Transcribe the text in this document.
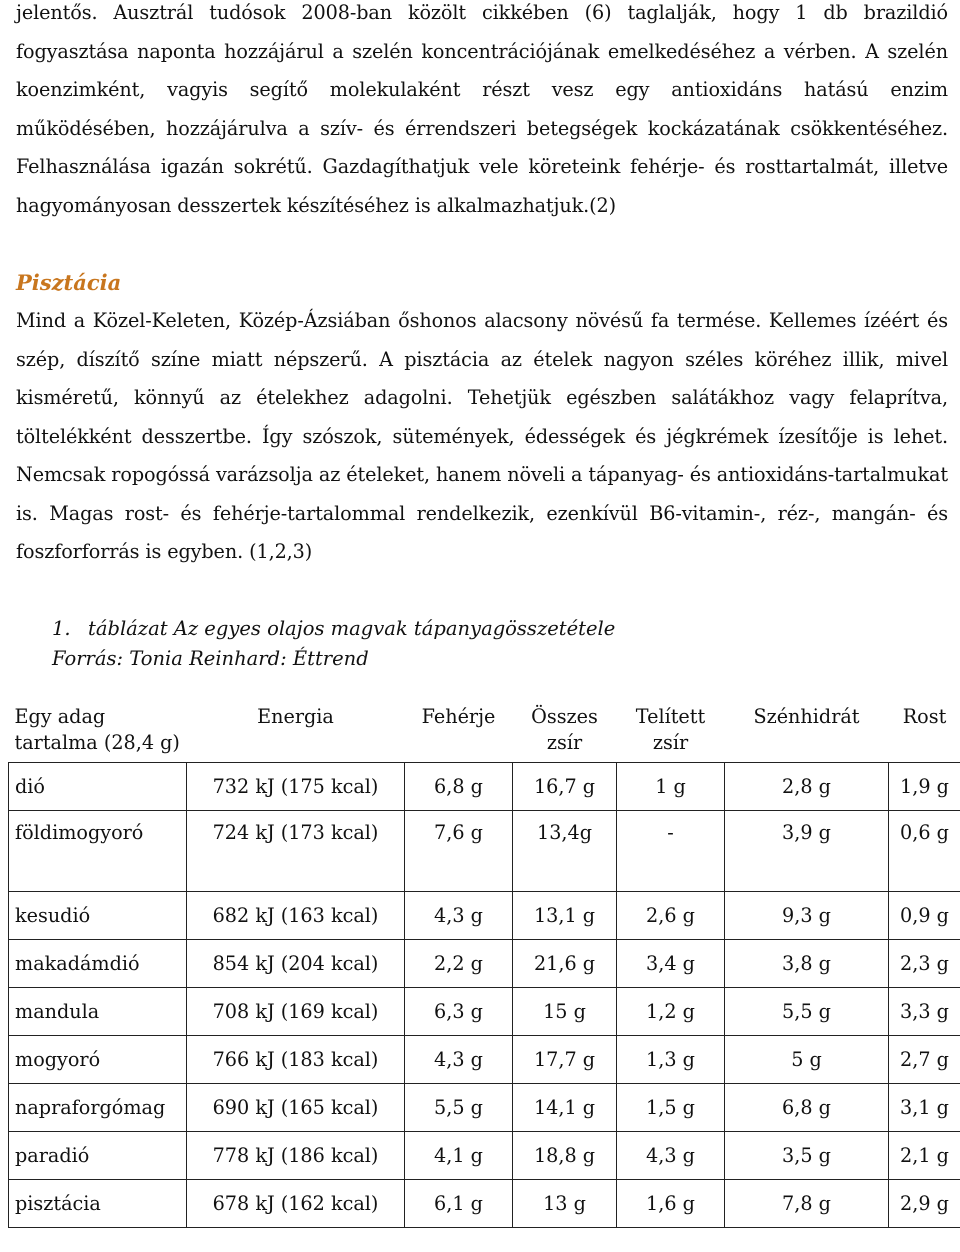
jelentős. Ausztrál tudósok 2008-ban közölt cikkében (6) taglalják, hogy 1 db brazildió fogyasztása naponta hozzájárul a szelén koncentrációjának emelkedéséhez a vérben. A szelén koenzimként, vagyis segítő molekulaként részt vesz egy antioxidáns hatású enzim működésében, hozzájárulva a szív- és érrendszeri betegségek kockázatának csökkentéséhez. Felhasználása igazán sokrétű. Gazdagíthatjuk vele köreteink fehérje- és rosttartalmát, illetve hagyományosan desszertek készítéséhez is alkalmazhatjuk.(2)

Pisztácia

Mind a Közel-Keleten, Közép-Ázsiában őshonos alacsony növésű fa termése. Kellemes ízéért és szép, díszítő színe miatt népszerű. A pisztácia az ételek nagyon széles köréhez illik, mivel kisméretű, könnyű az ételekhez adagolni. Tehetjük egészben salátákhoz vagy felaprítva, töltelékként desszertbe. Így szószok, sütemények, édességek és jégkrémek ízesítője is lehet. Nemcsak ropogóssá varázsolja az ételeket, hanem növeli a tápanyag- és antioxidáns-tartalmukat is. Magas rost- és fehérje-tartalommal rendelkezik, ezenkívül B6-vitamin-, réz-, mangán- és foszforforrás is egyben. (1,2,3)

1. táblázat Az egyes olajos magvak tápanyagösszetétele
Forrás: Tonia Reinhard: Éttrend
Egy adag tartalma (28,4 g)	Energia	Fehérje	Összes zsír	Telített zsír	Szénhidrát	Rost
dió	732 kJ (175 kcal)	6,8 g	16,7 g	1 g	2,8 g	1,9 g
földimogyoró	724 kJ (173 kcal)	7,6 g	13,4g	-	3,9 g	0,6 g
kesudió	682 kJ (163 kcal)	4,3 g	13,1 g	2,6 g	9,3 g	0,9 g
makadámdió	854 kJ (204 kcal)	2,2 g	21,6 g	3,4 g	3,8 g	2,3 g
mandula	708 kJ (169 kcal)	6,3 g	15 g	1,2 g	5,5 g	3,3 g
mogyoró	766 kJ (183 kcal)	4,3 g	17,7 g	1,3 g	5 g	2,7 g
napraforgómag	690 kJ (165 kcal)	5,5 g	14,1 g	1,5 g	6,8 g	3,1 g
paradió	778 kJ (186 kcal)	4,1 g	18,8 g	4,3 g	3,5 g	2,1 g
pisztácia	678 kJ (162 kcal)	6,1 g	13 g	1,6 g	7,8 g	2,9 g
